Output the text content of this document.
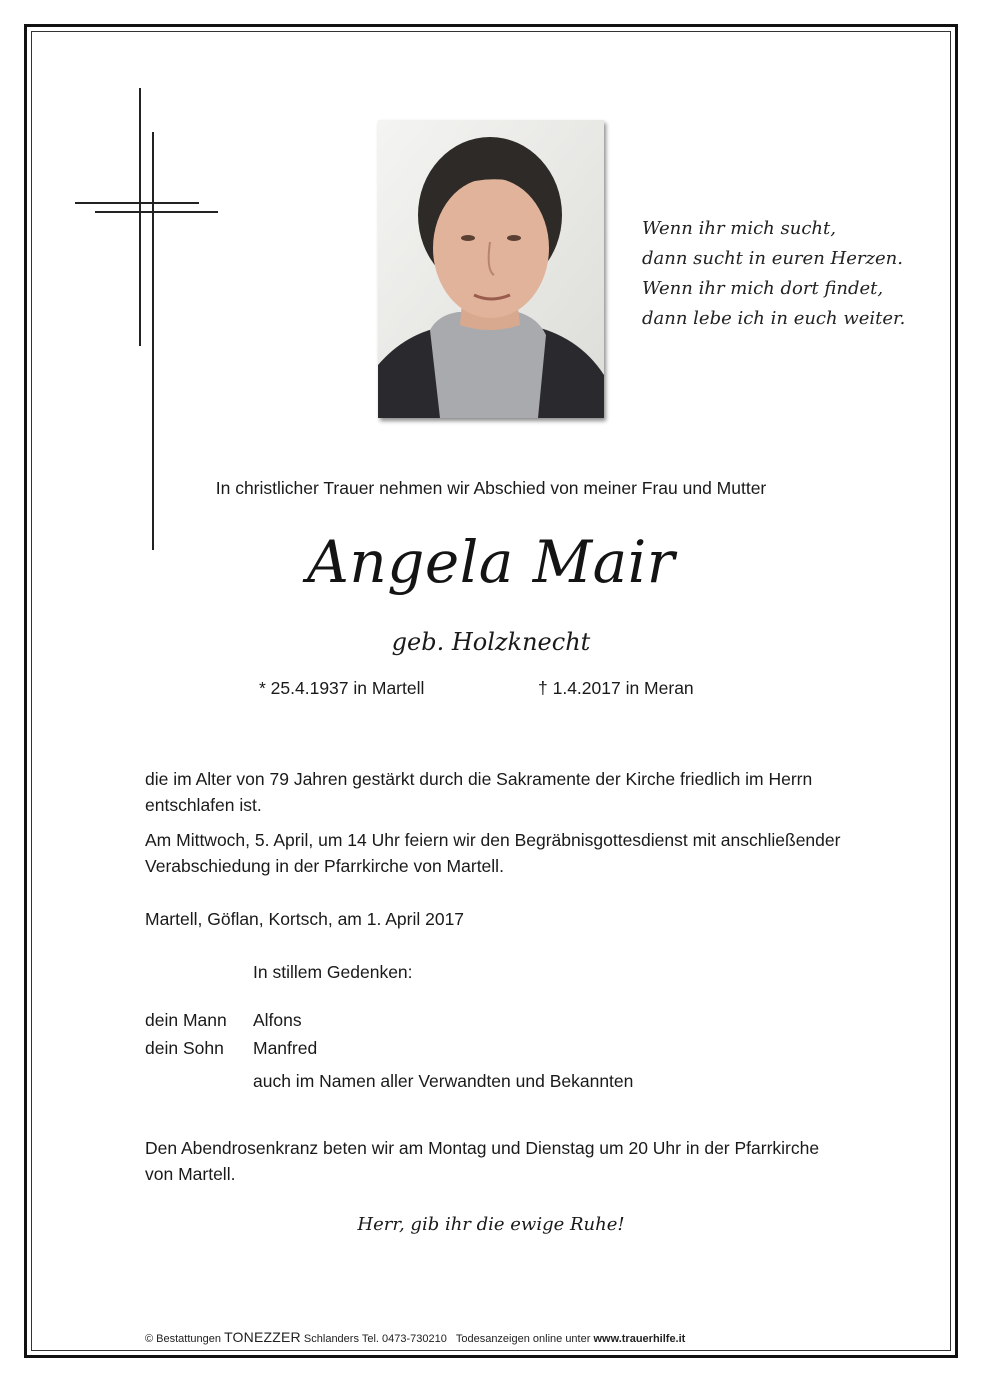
Wenn ihr mich sucht,
dann sucht in euren Herzen.
Wenn ihr mich dort findet,
dann lebe ich in euch weiter.
In christlicher Trauer nehmen wir Abschied von meiner Frau und Mutter
Angela Mair
geb. Holzknecht
* 25.4.1937 in Martell	† 1.4.2017 in Meran
die im Alter von 79 Jahren gestärkt durch die Sakramente der Kirche friedlich im Herrn
entschlafen ist.
Am Mittwoch, 5. April, um 14 Uhr feiern wir den Begräbnisgottesdienst mit anschließender
Verabschiedung in der Pfarrkirche von Martell.
Martell, Göflan, Kortsch, am 1. April 2017
In stillem Gedenken:
dein Mann Alfons
dein Sohn Manfred
auch im Namen aller Verwandten und Bekannten
Den Abendrosenkranz beten wir am Montag und Dienstag um 20 Uhr in der Pfarrkirche
von Martell.
Herr, gib ihr die ewige Ruhe!
© Bestattungen TONEZZER Schlanders Tel. 0473-730210 Todesanzeigen online unter www.trauerhilfe.it
